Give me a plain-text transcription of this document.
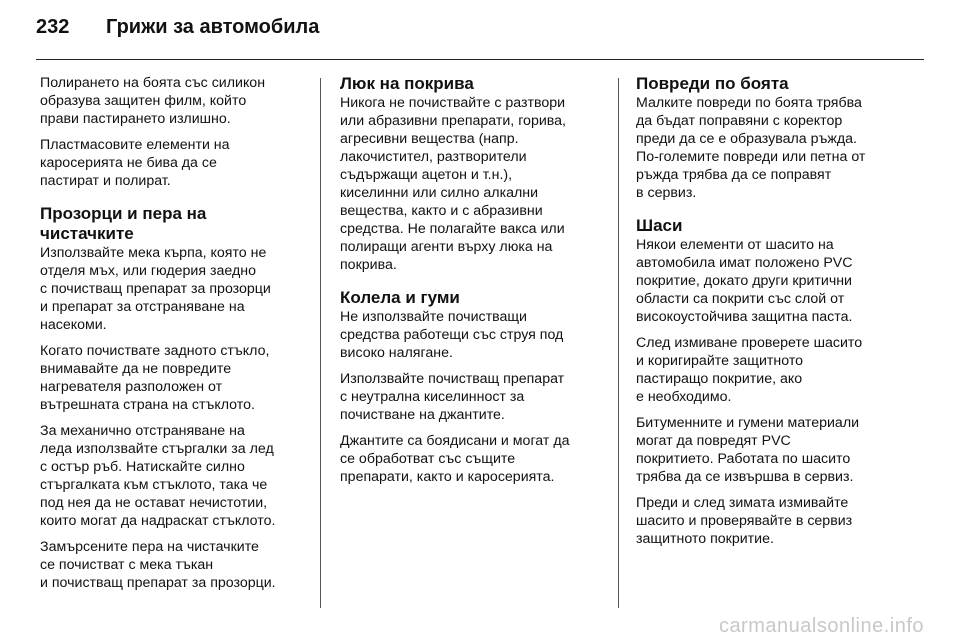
232	Грижи за автомобила

Полирането на боята със силикон
образува защитен филм, който
прави пастирането излишно.

Пластмасовите елементи на
каросерията не бива да се
пастират и полират.

Прозорци и пера на
чистачките

Използвайте мека кърпа, която не
отделя мъх, или гюдерия заедно
с почистващ препарат за прозорци
и препарат за отстраняване на
насекоми.

Когато почиствате задното стъкло,
внимавайте да не повредите
нагревателя разположен от
вътрешната страна на стъклото.

За механично отстраняване на
леда използвайте стъргалки за лед
с остър ръб. Натискайте силно
стъргалката към стъклото, така че
под нея да не остават нечистотии,
които могат да надраскат стъклото.

Замърсените пера на чистачките
се почистват с мека тъкан
и почистващ препарат за прозорци.

Люк на покрива

Никога не почиствайте с разтвори
или абразивни препарати, горива,
агресивни вещества (напр.
лакочистител, разтворители
съдържащи ацетон и т.н.),
киселинни или силно алкални
вещества, както и с абразивни
средства. Не полагайте вакса или
полиращи агенти върху люка на
покрива.

Колела и гуми

Не използвайте почистващи
средства работещи със струя под
високо налягане.

Използвайте почистващ препарат
с неутрална киселинност за
почистване на джантите.

Джантите са боядисани и могат да
се обработват със същите
препарати, както и каросерията.

Повреди по боята

Малките повреди по боята трябва
да бъдат поправяни с коректор
преди да се е образувала ръжда.
По-големите повреди или петна от
ръжда трябва да се поправят
в сервиз.

Шаси

Някои елементи от шасито на
автомобила имат положено PVC
покритие, докато други критични
области са покрити със слой от
високоустойчива защитна паста.

След измиване проверете шасито
и коригирайте защитното
пастиращо покритие, ако
е необходимо.

Битуменните и гумени материали
могат да повредят PVC
покритието. Работата по шасито
трябва да се извършва в сервиз.

Преди и след зимата измивайте
шасито и проверявайте в сервиз
защитното покритие.

carmanualsonline.info
